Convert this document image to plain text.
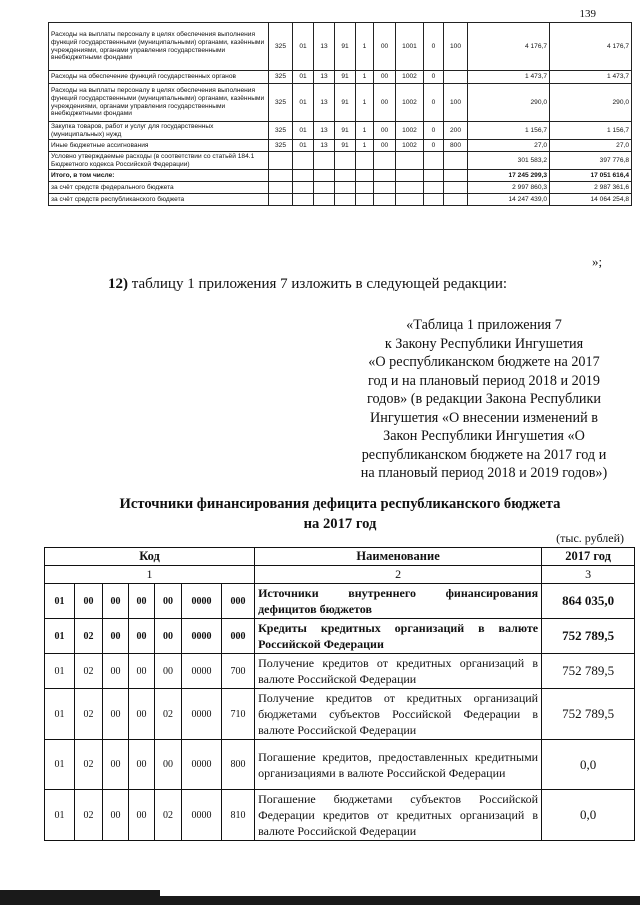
139
Расходы на выплаты персоналу в целях обеспечения выполнения функций государственными (муниципальными) органами, казёнными учреждениями, органами управления государственными внебюджетными фондами	325	01	13	91	1	00	1001	0	100	4 176,7	4 176,7
Расходы на обеспечение функций государственных органов	325	01	13	91	1	00	1002	0		1 473,7	1 473,7
Расходы на выплаты персоналу в целях обеспечения выполнения функций государственными (муниципальными) органами, казёнными учреждениями, органами управления государственными внебюджетными фондами	325	01	13	91	1	00	1002	0	100	290,0	290,0
Закупка товаров, работ и услуг для государственных (муниципальных) нужд	325	01	13	91	1	00	1002	0	200	1 156,7	1 156,7
Иные бюджетные ассигнования	325	01	13	91	1	00	1002	0	800	27,0	27,0
Условно утверждаемые расходы (в соответствии со статьёй 184.1 Бюджетного кодекса Российской Федерации)										301 583,2	397 776,8
Итого, в том числе:										17 245 299,3	17 051 616,4
за счёт средств федерального бюджета										2 997 860,3	2 987 361,6
за счёт средств республиканского бюджета										14 247 439,0	14 064 254,8
»;
12) таблицу 1 приложения 7 изложить в следующей редакции:
«Таблица 1 приложения 7
к Закону Республики Ингушетия
«О республиканском бюджете на 2017
год и на плановый период 2018 и 2019
годов» (в редакции Закона Республики
Ингушетия «О внесении изменений в
Закон Республики Ингушетия «О
республиканском бюджете на 2017 год и
на плановый период 2018 и 2019 годов»)
Источники финансирования дефицита республиканского бюджета
на 2017 год
(тыс. рублей)
Код							Наименование	2017 год
1							2	3
01	00	00	00	00	0000	000	Источники внутреннего финансирования дефицитов бюджетов	864 035,0
01	02	00	00	00	0000	000	Кредиты кредитных организаций в валюте Российской Федерации	752 789,5
01	02	00	00	00	0000	700	Получение кредитов от кредитных организаций в валюте Российской Федерации	752 789,5
01	02	00	00	02	0000	710	Получение кредитов от кредитных организаций бюджетами субъектов Российской Федерации в валюте Российской Федерации	752 789,5
01	02	00	00	00	0000	800	Погашение кредитов, предоставленных кредитными организациями в валюте Российской Федерации	0,0
01	02	00	00	02	0000	810	Погашение бюджетами субъектов Российской Федерации кредитов от кредитных организаций в валюте Российской Федерации	0,0
